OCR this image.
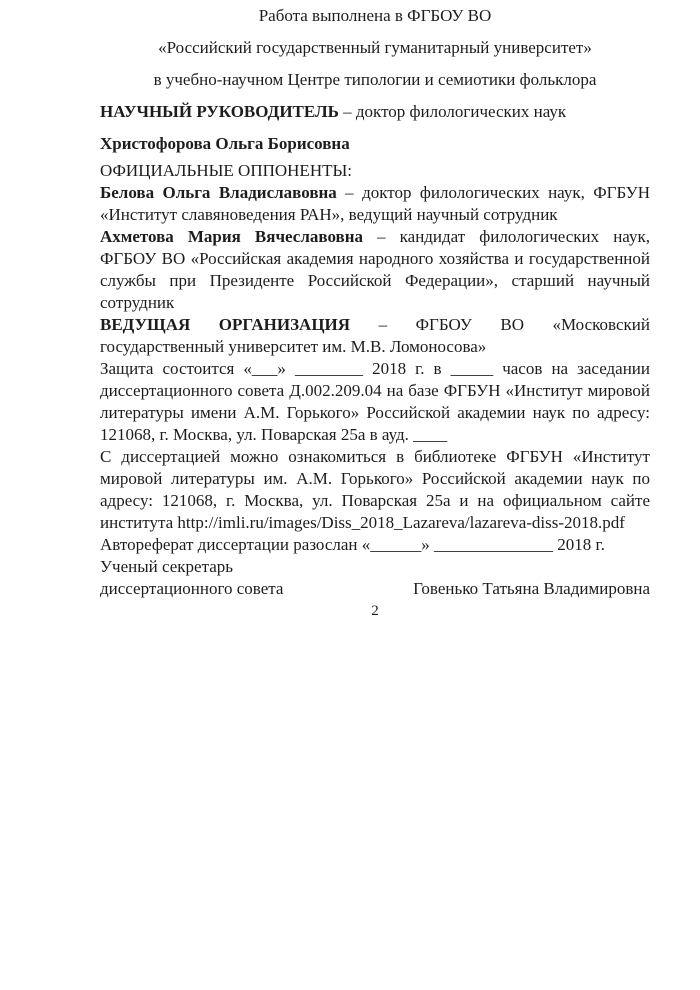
Работа выполнена в ФГБОУ ВО

«Российский государственный гуманитарный университет»

в учебно-научном Центре типологии и семиотики фольклора

НАУЧНЫЙ РУКОВОДИТЕЛЬ – доктор филологических наук

Христофорова Ольга Борисовна

ОФИЦИАЛЬНЫЕ ОППОНЕНТЫ:

Белова Ольга Владиславовна – доктор филологических наук, ФГБУН «Институт славяноведения РАН», ведущий научный сотрудник

Ахметова Мария Вячеславовна – кандидат филологических наук, ФГБОУ ВО «Российская академия народного хозяйства и государственной службы при Президенте Российской Федерации», старший научный сотрудник

ВЕДУЩАЯ ОРГАНИЗАЦИЯ – ФГБОУ ВО «Московский государственный университет им. М.В. Ломоносова»

Защита состоится «___» ________ 2018 г. в _____ часов на заседании диссертационного совета Д.002.209.04 на базе ФГБУН «Институт мировой литературы имени А.М. Горького» Российской академии наук по адресу: 121068, г. Москва, ул. Поварская 25а в ауд. ____

С диссертацией можно ознакомиться в библиотеке ФГБУН «Институт мировой литературы им. А.М. Горького» Российской академии наук по адресу: 121068, г. Москва, ул. Поварская 25а и на официальном сайте института http://imli.ru/images/Diss_2018_Lazareva/lazareva-diss-2018.pdf

Автореферат диссертации разослан «______» ______________ 2018 г.

Ученый секретарь

диссертационного совета	Говенько Татьяна Владимировна

2
